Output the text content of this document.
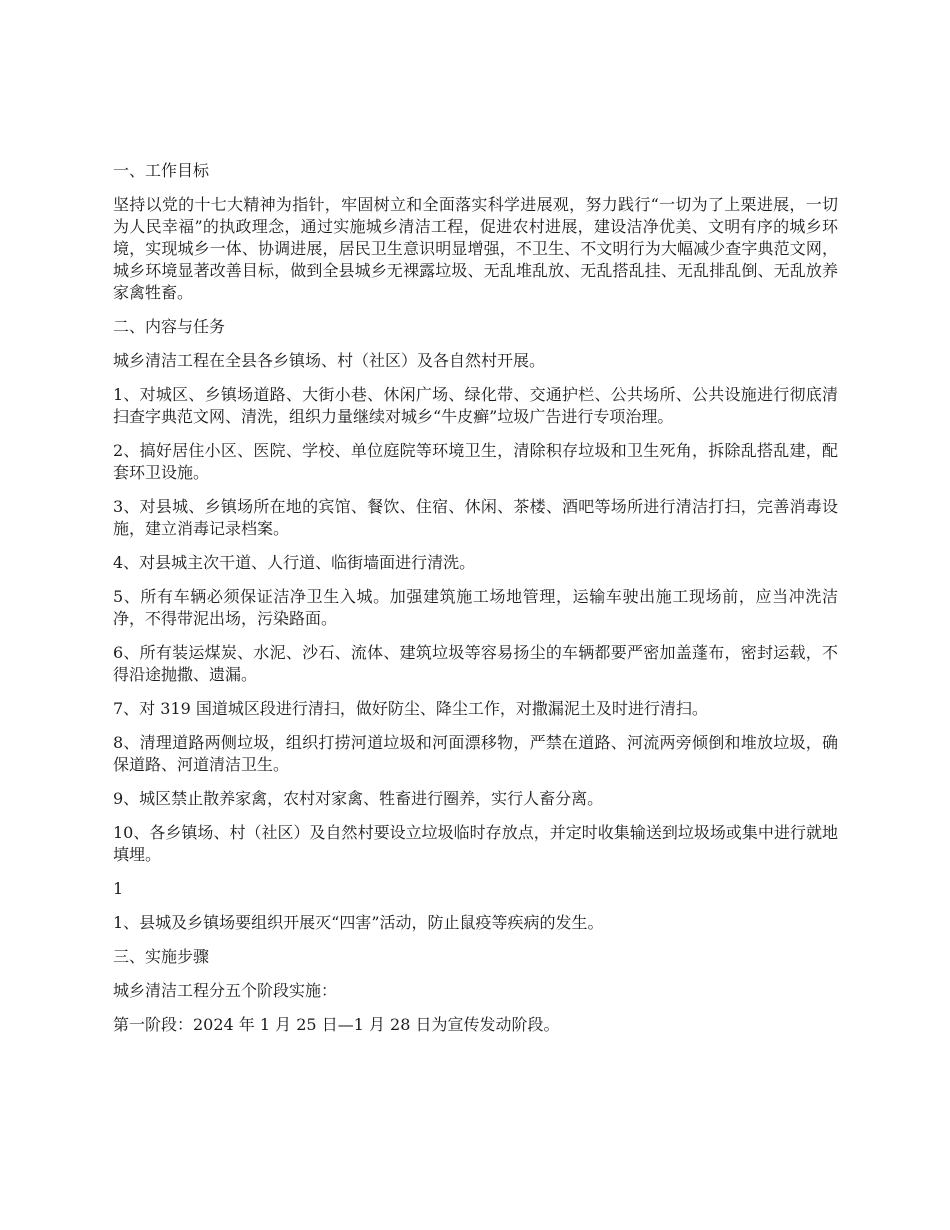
一、工作目标

坚持以党的十七大精神为指针，牢固树立和全面落实科学进展观，努力践行“一切为了上栗进展，一切为人民幸福”的执政理念，通过实施城乡清洁工程，促进农村进展，建设洁净优美、文明有序的城乡环境，实现城乡一体、协调进展，居民卫生意识明显增强，不卫生、不文明行为大幅减少查字典范文网，城乡环境显著改善目标，做到全县城乡无裸露垃圾、无乱堆乱放、无乱搭乱挂、无乱排乱倒、无乱放养家禽牲畜。

二、内容与任务

城乡清洁工程在全县各乡镇场、村（社区）及各自然村开展。

1、对城区、乡镇场道路、大街小巷、休闲广场、绿化带、交通护栏、公共场所、公共设施进行彻底清扫查字典范文网、清洗，组织力量继续对城乡“牛皮癣”垃圾广告进行专项治理。

2、搞好居住小区、医院、学校、单位庭院等环境卫生，清除积存垃圾和卫生死角，拆除乱搭乱建，配套环卫设施。

3、对县城、乡镇场所在地的宾馆、餐饮、住宿、休闲、茶楼、酒吧等场所进行清洁打扫，完善消毒设施，建立消毒记录档案。

4、对县城主次干道、人行道、临街墙面进行清洗。

5、所有车辆必须保证洁净卫生入城。加强建筑施工场地管理，运输车驶出施工现场前，应当冲洗洁净，不得带泥出场，污染路面。

6、所有装运煤炭、水泥、沙石、流体、建筑垃圾等容易扬尘的车辆都要严密加盖蓬布，密封运载，不得沿途抛撒、遗漏。

7、对 319 国道城区段进行清扫，做好防尘、降尘工作，对撒漏泥土及时进行清扫。

8、清理道路两侧垃圾，组织打捞河道垃圾和河面漂移物，严禁在道路、河流两旁倾倒和堆放垃圾，确保道路、河道清洁卫生。

9、城区禁止散养家禽，农村对家禽、牲畜进行圈养，实行人畜分离。

10、各乡镇场、村（社区）及自然村要设立垃圾临时存放点，并定时收集输送到垃圾场或集中进行就地填埋。

1

1、县城及乡镇场要组织开展灭“四害”活动，防止鼠疫等疾病的发生。

三、实施步骤

城乡清洁工程分五个阶段实施：

第一阶段：2024 年 1 月 25 日—1 月 28 日为宣传发动阶段。
